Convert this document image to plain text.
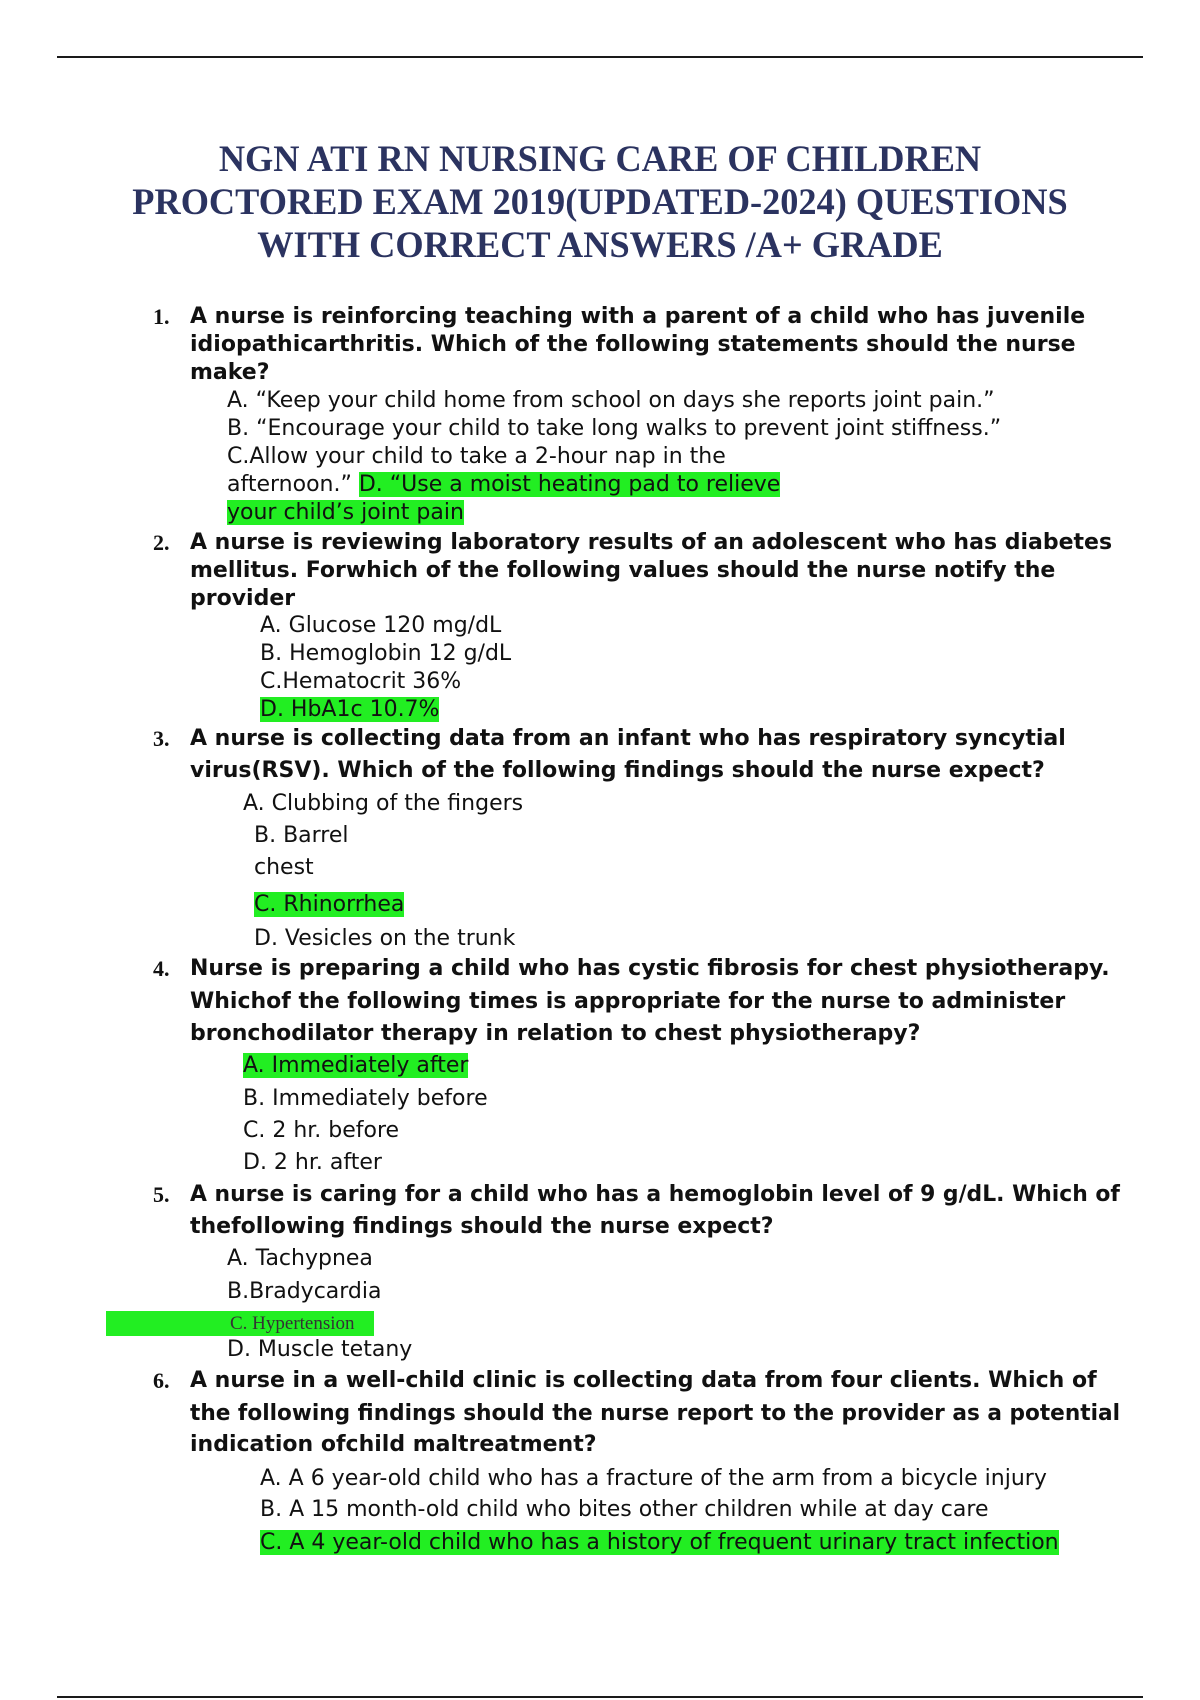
NGN ATI RN NURSING CARE OF CHILDREN
PROCTORED EXAM 2019(UPDATED-2024) QUESTIONS
WITH CORRECT ANSWERS /A+ GRADE
1. A nurse is reinforcing teaching with a parent of a child who has juvenile
idiopathicarthritis. Which of the following statements should the nurse
make?
A. “Keep your child home from school on days she reports joint pain.”
B. “Encourage your child to take long walks to prevent joint stiffness.”
C.Allow your child to take a 2-hour nap in the
afternoon.” D. “Use a moist heating pad to relieve
your child’s joint pain
2. A nurse is reviewing laboratory results of an adolescent who has diabetes
mellitus. Forwhich of the following values should the nurse notify the
provider
A. Glucose 120 mg/dL
B. Hemoglobin 12 g/dL
C.Hematocrit 36%
D. HbA1c 10.7%
3. A nurse is collecting data from an infant who has respiratory syncytial
virus(RSV). Which of the following findings should the nurse expect?
A. Clubbing of the fingers
B. Barrel
chest
C. Rhinorrhea
D. Vesicles on the trunk
4. Nurse is preparing a child who has cystic fibrosis for chest physiotherapy.
Whichof the following times is appropriate for the nurse to administer
bronchodilator therapy in relation to chest physiotherapy?
A. Immediately after
B. Immediately before
C. 2 hr. before
D. 2 hr. after
5. A nurse is caring for a child who has a hemoglobin level of 9 g/dL. Which of
thefollowing findings should the nurse expect?
A. Tachypnea
B.Bradycardia
C. Hypertension
D. Muscle tetany
6. A nurse in a well-child clinic is collecting data from four clients. Which of
the following findings should the nurse report to the provider as a potential
indication ofchild maltreatment?
A. A 6 year-old child who has a fracture of the arm from a bicycle injury
B. A 15 month-old child who bites other children while at day care
C. A 4 year-old child who has a history of frequent urinary tract infection
